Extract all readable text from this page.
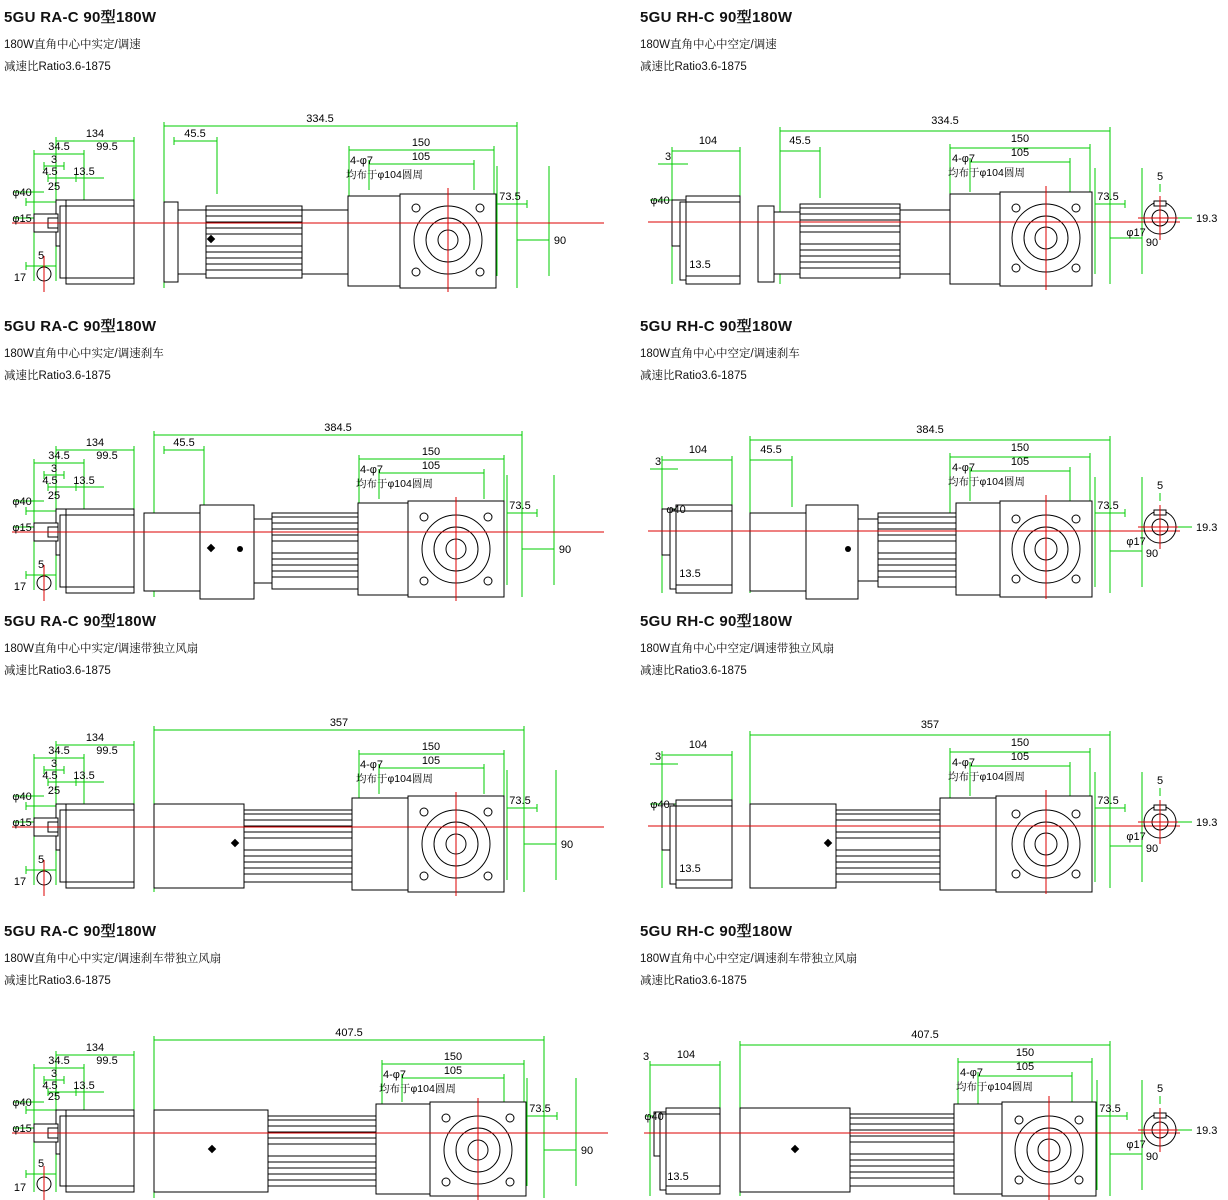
5GU RA-C 90型180W
180W直角中心中实定/调速
减速比Ratio3.6-1875
334.5
134	45.5
150
105
34.5 99.5
3
4.5 13.5
25
φ40
φ15
5
17
73.5
90
4-φ7
均布于φ104圆周
5GU RH-C 90型180W
180W直角中心中空定/调速
减速比Ratio3.6-1875
334.5
104	45.5	150
105
3
φ40
13.5
73.5
90
4-φ7
均布于φ104圆周	5
19.3
φ17
5GU RA-C 90型180W
180W直角中心中实定/调速刹车
减速比Ratio3.6-1875
384.5
134	45.5
150
105
34.5 99.5
3
4.5 13.5
25
φ40
φ15
5
17
73.5
90
4-φ7
均布于φ104圆周
5GU RH-C 90型180W
180W直角中心中空定/调速刹车
减速比Ratio3.6-1875
384.5
104	45.5	150
105
3
φ40
13.5
73.5
90
4-φ7
均布于φ104圆周	5
19.3
φ17
5GU RA-C 90型180W
180W直角中心中实定/调速带独立风扇
减速比Ratio3.6-1875
357
134
150
105
34.5 99.5
3
4.5 13.5
25
φ40
φ15
5
17
73.5
90
4-φ7
均布于φ104圆周
5GU RH-C 90型180W
180W直角中心中空定/调速带独立风扇
减速比Ratio3.6-1875
357
104	150
105
3
φ40
13.5
73.5
90
4-φ7
均布于φ104圆周	5
19.3
φ17
5GU RA-C 90型180W
180W直角中心中实定/调速刹车带独立风扇
减速比Ratio3.6-1875
407.5
134
150
105
34.5 99.5
3
4.5 13.5
25
φ40
φ15
5
17
73.5
90
4-φ7
均布于φ104圆周
5GU RH-C 90型180W
180W直角中心中空定/调速刹车带独立风扇
减速比Ratio3.6-1875
407.5
104	150
105
3
φ40
13.5
73.5
90
4-φ7
均布于φ104圆周	5
19.3
φ17
